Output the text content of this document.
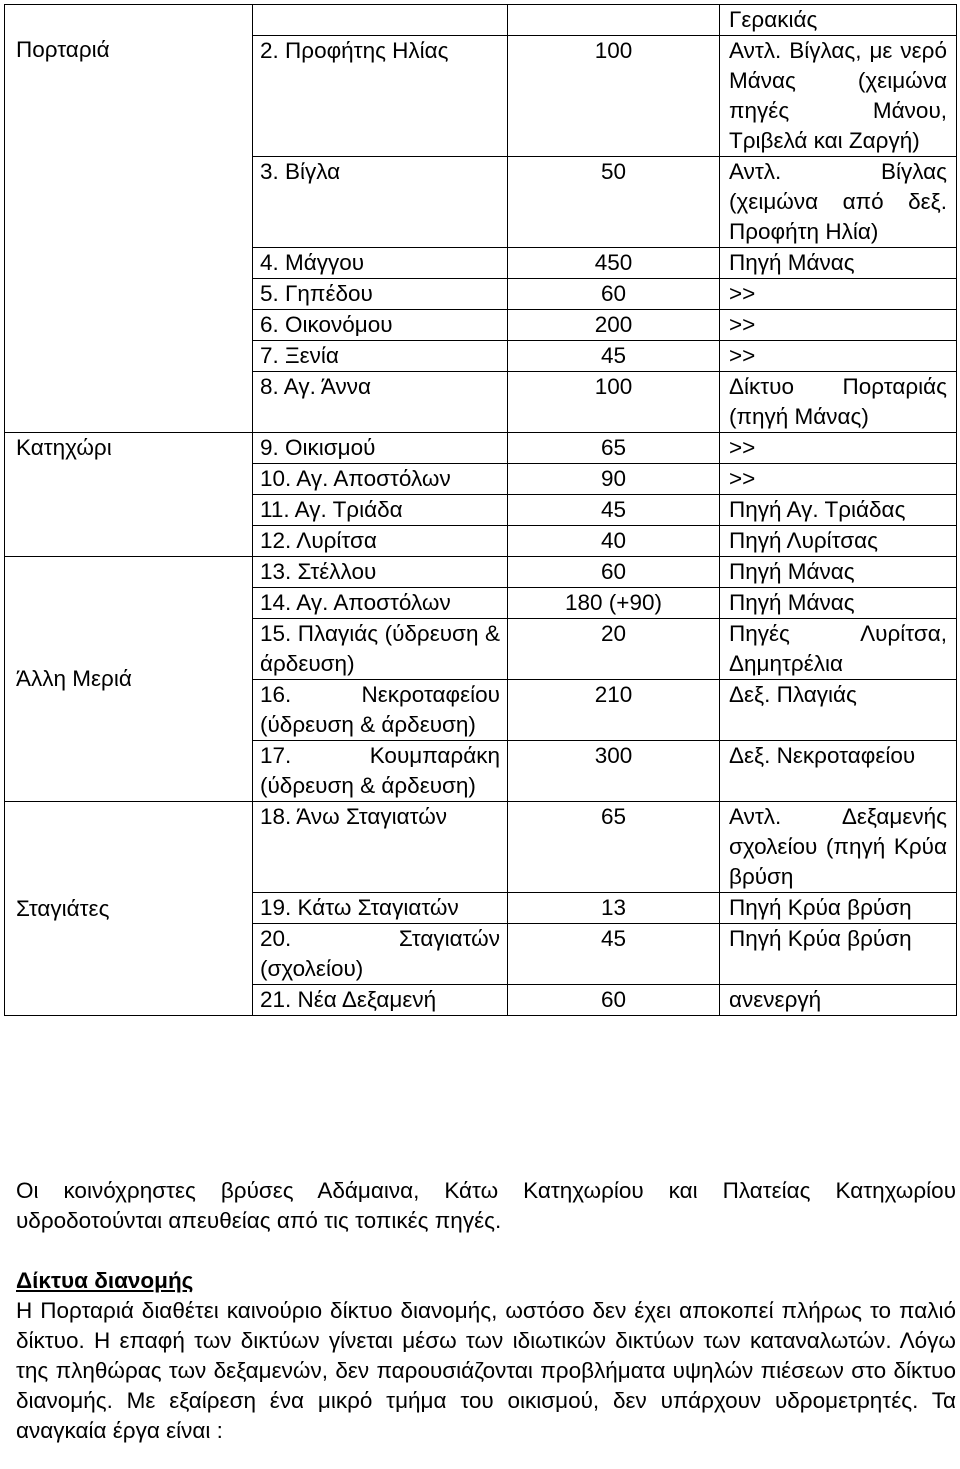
Πορταριά			Γερακιάς
	2. Προφήτης Ηλίας	100	Αντλ. Βίγλας, με νερό Μάνας (χειμώνα πηγές Μάνου, Τριβελά και Ζαργή)
	3. Βίγλα	50	Αντλ. Βίγλας (χειμώνα από δεξ. Προφήτη Ηλία)
	4. Μάγγου	450	Πηγή Μάνας
	5. Γηπέδου	60	>>
	6. Οικονόμου	200	>>
	7. Ξενία	45	>>
	8. Αγ. Άννα	100	Δίκτυο Πορταριάς (πηγή Μάνας)
Κατηχώρι	9. Οικισμού	65	>>
	10. Αγ. Αποστόλων	90	>>
	11. Αγ. Τριάδα	45	Πηγή Αγ. Τριάδας
	12. Λυρίτσα	40	Πηγή Λυρίτσας
Άλλη Μεριά	13. Στέλλου	60	Πηγή Μάνας
	14. Αγ. Αποστόλων	180 (+90)	Πηγή Μάνας
	15. Πλαγιάς (ύδρευση & άρδευση)	20	Πηγές Λυρίτσα, Δημητρέλια
	16. Νεκροταφείου (ύδρευση & άρδευση)	210	Δεξ. Πλαγιάς
	17. Κουμπαράκη (ύδρευση & άρδευση)	300	Δεξ. Νεκροταφείου
Σταγιάτες	18. Άνω Σταγιατών	65	Αντλ. Δεξαμενής σχολείου (πηγή Κρύα βρύση
	19. Κάτω Σταγιατών	13	Πηγή Κρύα βρύση
	20. Σταγιατών (σχολείου)	45	Πηγή Κρύα βρύση
	21. Νέα Δεξαμενή	60	ανενεργή

Οι κοινόχρηστες βρύσες Αδάμαινα, Κάτω Κατηχωρίου και Πλατείας Κατηχωρίου υδροδοτούνται απευθείας από τις τοπικές πηγές.

Δίκτυα διανομής

Η Πορταριά διαθέτει καινούριο δίκτυο διανομής, ωστόσο δεν έχει αποκοπεί πλήρως το παλιό δίκτυο. Η επαφή των δικτύων γίνεται μέσω των ιδιωτικών δικτύων των καταναλωτών. Λόγω της πληθώρας των δεξαμενών, δεν παρουσιάζονται προβλήματα υψηλών πιέσεων στο δίκτυο διανομής. Με εξαίρεση ένα μικρό τμήμα του οικισμού, δεν υπάρχουν υδρομετρητές. Τα αναγκαία έργα είναι :
